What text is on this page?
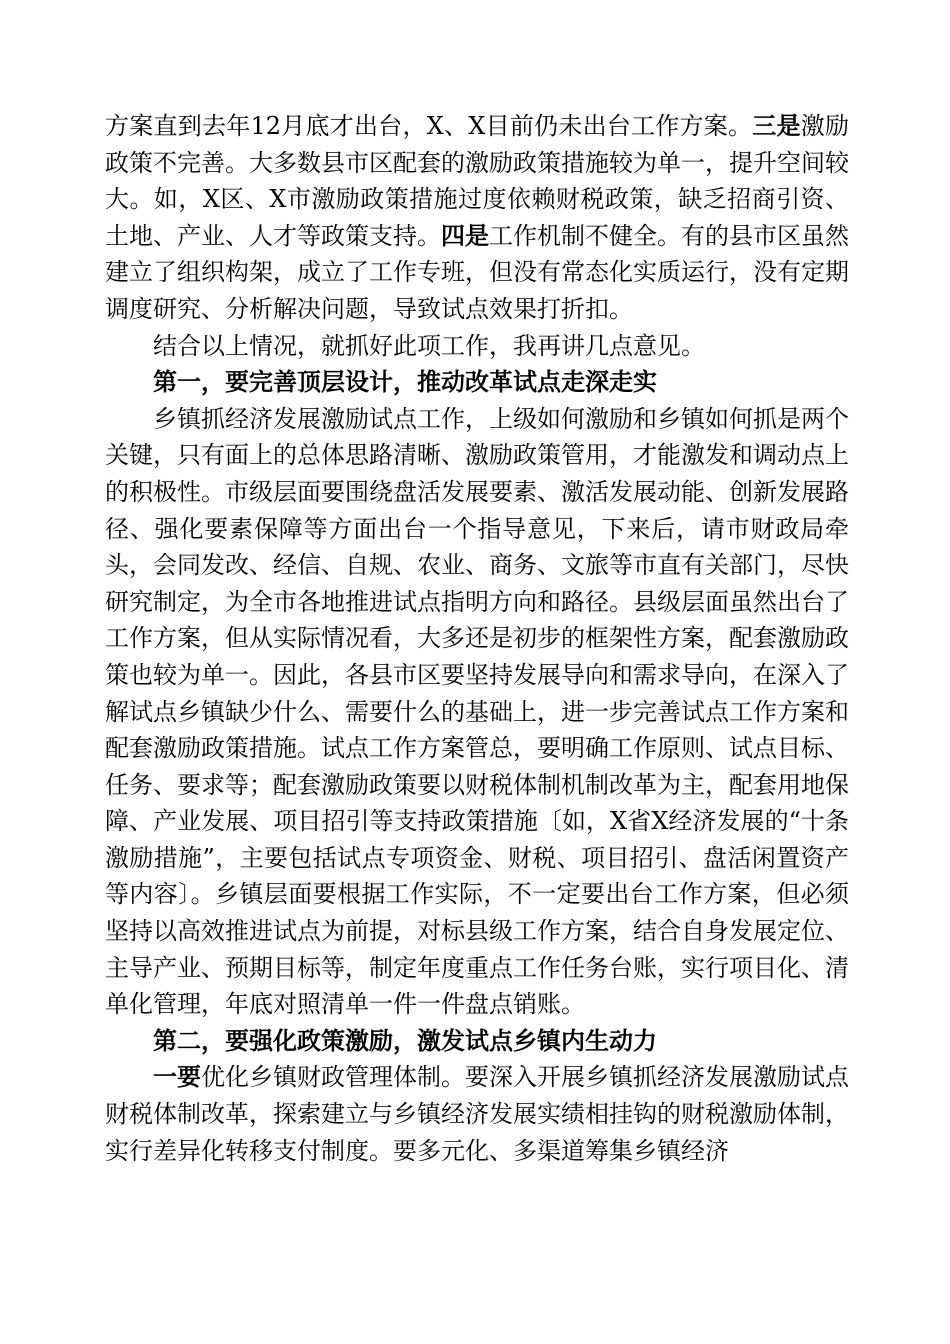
方案直到去年12月底才出台，X、X目前仍未出台工作方案。三是激励政策不完善。大多数县市区配套的激励政策措施较为单一，提升空间较大。如，X区、X市激励政策措施过度依赖财税政策，缺乏招商引资、土地、产业、人才等政策支持。四是工作机制不健全。有的县市区虽然建立了组织构架，成立了工作专班，但没有常态化实质运行，没有定期调度研究、分析解决问题，导致试点效果打折扣。

结合以上情况，就抓好此项工作，我再讲几点意见。

第一，要完善顶层设计，推动改革试点走深走实

乡镇抓经济发展激励试点工作，上级如何激励和乡镇如何抓是两个关键，只有面上的总体思路清晰、激励政策管用，才能激发和调动点上的积极性。市级层面要围绕盘活发展要素、激活发展动能、创新发展路径、强化要素保障等方面出台一个指导意见，下来后，请市财政局牵头，会同发改、经信、自规、农业、商务、文旅等市直有关部门，尽快研究制定，为全市各地推进试点指明方向和路径。县级层面虽然出台了工作方案，但从实际情况看，大多还是初步的框架性方案，配套激励政策也较为单一。因此，各县市区要坚持发展导向和需求导向，在深入了解试点乡镇缺少什么、需要什么的基础上，进一步完善试点工作方案和配套激励政策措施。试点工作方案管总，要明确工作原则、试点目标、任务、要求等；配套激励政策要以财税体制机制改革为主，配套用地保障、产业发展、项目招引等支持政策措施〔如，X省X经济发展的“十条激励措施”，主要包括试点专项资金、财税、项目招引、盘活闲置资产等内容〕。乡镇层面要根据工作实际，不一定要出台工作方案，但必须坚持以高效推进试点为前提，对标县级工作方案，结合自身发展定位、主导产业、预期目标等，制定年度重点工作任务台账，实行项目化、清单化管理，年底对照清单一件一件盘点销账。

第二，要强化政策激励，激发试点乡镇内生动力

一要优化乡镇财政管理体制。要深入开展乡镇抓经济发展激励试点财税体制改革，探索建立与乡镇经济发展实绩相挂钩的财税激励体制，实行差异化转移支付制度。要多元化、多渠道筹集乡镇经济
